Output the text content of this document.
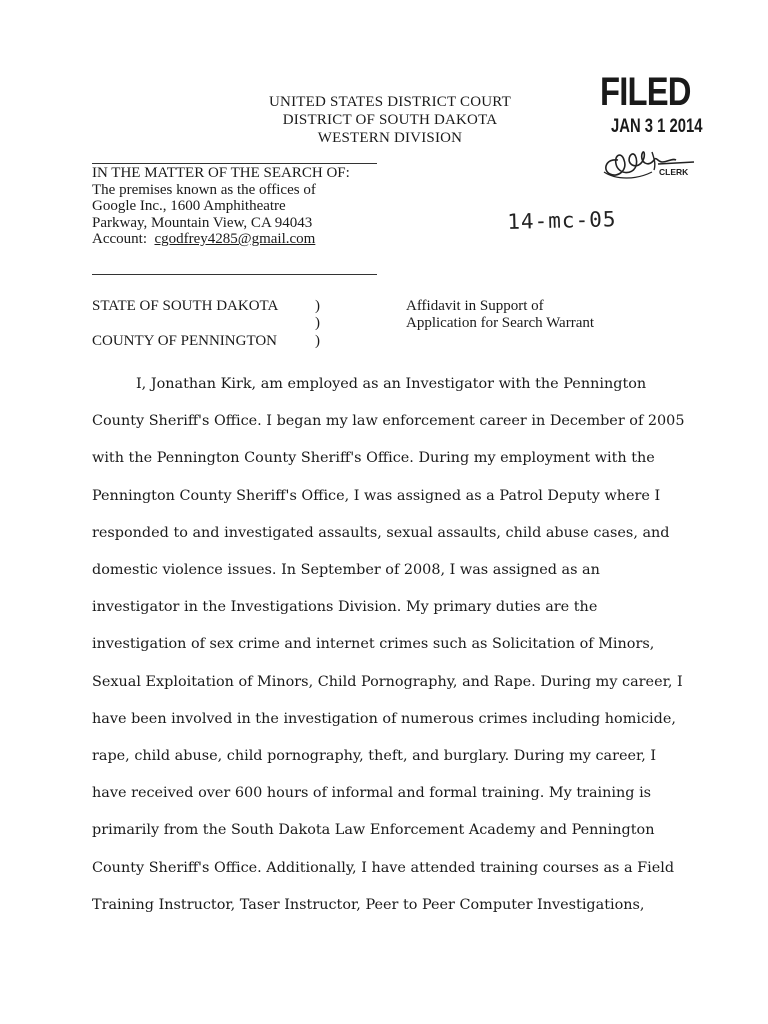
UNITED STATES DISTRICT COURT
DISTRICT OF SOUTH DAKOTA
WESTERN DIVISION
FILED
JAN 3 1 2014
CLERK
IN THE MATTER OF THE SEARCH OF:
The premises known as the offices of
Google Inc., 1600 Amphitheatre
Parkway, Mountain View, CA 94043
Account: cgodfrey4285@gmail.com
14-mc-05
STATE OF SOUTH DAKOTA )
)
COUNTY OF PENNINGTON	)
Affidavit in Support of
Application for Search Warrant
I, Jonathan Kirk, am employed as an Investigator with the Pennington
County Sheriff's Office. I began my law enforcement career in December of 2005
with the Pennington County Sheriff's Office. During my employment with the
Pennington County Sheriff's Office, I was assigned as a Patrol Deputy where I
responded to and investigated assaults, sexual assaults, child abuse cases, and
domestic violence issues. In September of 2008, I was assigned as an
investigator in the Investigations Division. My primary duties are the
investigation of sex crime and internet crimes such as Solicitation of Minors,
Sexual Exploitation of Minors, Child Pornography, and Rape. During my career, I
have been involved in the investigation of numerous crimes including homicide,
rape, child abuse, child pornography, theft, and burglary. During my career, I
have received over 600 hours of informal and formal training. My training is
primarily from the South Dakota Law Enforcement Academy and Pennington
County Sheriff's Office. Additionally, I have attended training courses as a Field
Training Instructor, Taser Instructor, Peer to Peer Computer Investigations,
